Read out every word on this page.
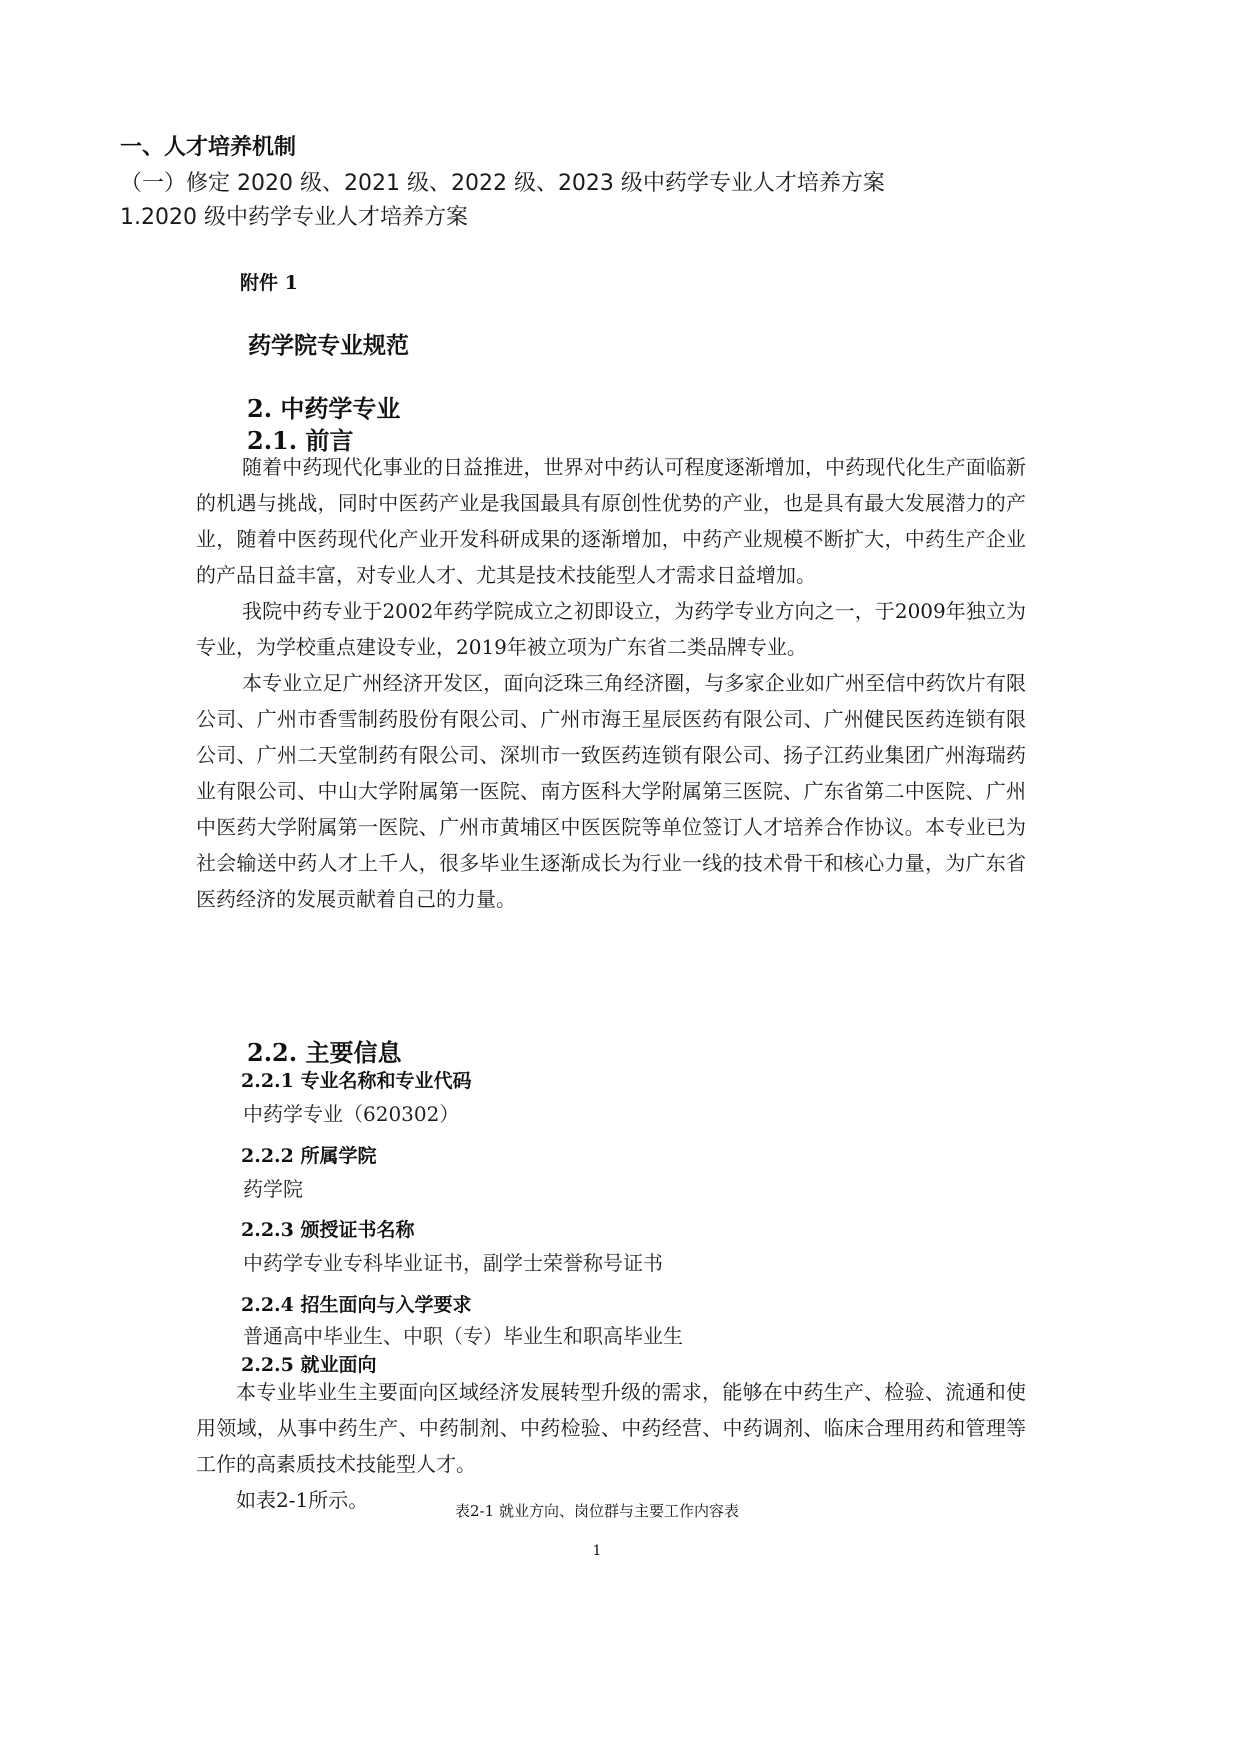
一、人才培养机制
（一）修定 2020 级、2021 级、2022 级、2023 级中药学专业人才培养方案
1.2020 级中药学专业人才培养方案
附件 1
药学院专业规范
2. 中药学专业
2.1. 前言

随着中药现代化事业的日益推进，世界对中药认可程度逐渐增加，中药现代化生产面临新的机遇与挑战，同时中医药产业是我国最具有原创性优势的产业，也是具有最大发展潜力的产业，随着中医药现代化产业开发科研成果的逐渐增加，中药产业规模不断扩大，中药生产企业的产品日益丰富，对专业人才、尤其是技术技能型人才需求日益增加。

我院中药专业于2002年药学院成立之初即设立，为药学专业方向之一，于2009年独立为专业，为学校重点建设专业，2019年被立项为广东省二类品牌专业。

本专业立足广州经济开发区，面向泛珠三角经济圈，与多家企业如广州至信中药饮片有限公司、广州市香雪制药股份有限公司、广州市海王星辰医药有限公司、广州健民医药连锁有限公司、广州二天堂制药有限公司、深圳市一致医药连锁有限公司、扬子江药业集团广州海瑞药业有限公司、中山大学附属第一医院、南方医科大学附属第三医院、广东省第二中医院、广州中医药大学附属第一医院、广州市黄埔区中医医院等单位签订人才培养合作协议。本专业已为社会输送中药人才上千人，很多毕业生逐渐成长为行业一线的技术骨干和核心力量，为广东省医药经济的发展贡献着自己的力量。

2.2. 主要信息
2.2.1 专业名称和专业代码
中药学专业（620302）
2.2.2 所属学院
药学院
2.2.3 颁授证书名称
中药学专业专科毕业证书，副学士荣誉称号证书
2.2.4 招生面向与入学要求
普通高中毕业生、中职（专）毕业生和职高毕业生
2.2.5 就业面向

本专业毕业生主要面向区域经济发展转型升级的需求，能够在中药生产、检验、流通和使用领域，从事中药生产、中药制剂、中药检验、中药经营、中药调剂、临床合理用药和管理等工作的高素质技术技能型人才。

如表2-1所示。	表2-1 就业方向、岗位群与主要工作内容表
1
